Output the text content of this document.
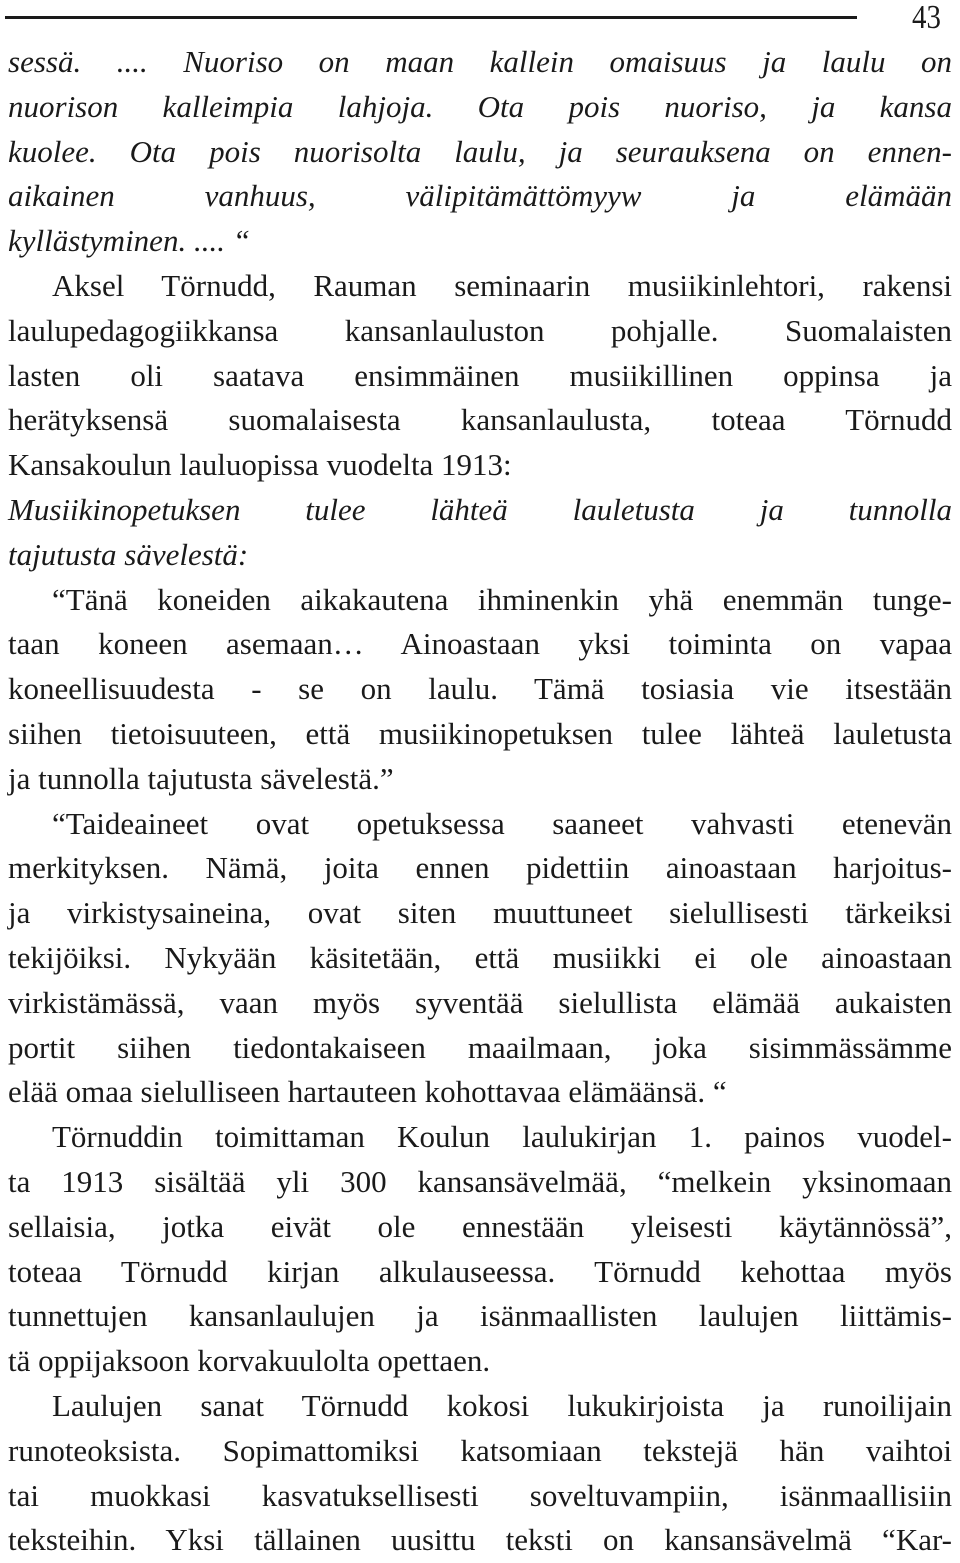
43
sessä. .... Nuoriso on maan kallein omaisuus ja laulu on
nuorison kalleimpia lahjoja. Ota pois nuoriso, ja kansa
kuolee. Ota pois nuorisolta laulu, ja seurauksena on ennen-
aikainen vanhuus, välipitämättömyyw ja elämään
kyllästyminen. .... “
Aksel Törnudd, Rauman seminaarin musiikinlehtori, rakensi
laulupedagogiikkansa kansanlauluston pohjalle. Suomalaisten
lasten oli saatava ensimmäinen musiikillinen oppinsa ja
herätyksensä suomalaisesta kansanlaulusta, toteaa Törnudd
Kansakoulun lauluopissa vuodelta 1913:
Musiikinopetuksen tulee lähteä lauletusta ja tunnolla
tajutusta sävelestä:
“Tänä koneiden aikakautena ihminenkin yhä enemmän tunge-
taan koneen asemaan… Ainoastaan yksi toiminta on vapaa
koneellisuudesta - se on laulu. Tämä tosiasia vie itsestään
siihen tietoisuuteen, että musiikinopetuksen tulee lähteä lauletusta
ja tunnolla tajutusta sävelestä.”
“Taideaineet ovat opetuksessa saaneet vahvasti etenevän
merkityksen. Nämä, joita ennen pidettiin ainoastaan harjoitus-
ja virkistysaineina, ovat siten muuttuneet sielullisesti tärkeiksi
tekijöiksi. Nykyään käsitetään, että musiikki ei ole ainoastaan
virkistämässä, vaan myös syventää sielullista elämää aukaisten
portit siihen tiedontakaiseen maailmaan, joka sisimmässämme
elää omaa sielulliseen hartauteen kohottavaa elämäänsä. “
Törnuddin toimittaman Koulun laulukirjan 1. painos vuodel-
ta 1913 sisältää yli 300 kansansävelmää, “melkein yksinomaan
sellaisia, jotka eivät ole ennestään yleisesti käytännössä”,
toteaa Törnudd kirjan alkulauseessa. Törnudd kehottaa myös
tunnettujen kansanlaulujen ja isänmaallisten laulujen liittämis-
tä oppijaksoon korvakuulolta opettaen.
Laulujen sanat Törnudd kokosi lukukirjoista ja runoilijain
runoteoksista. Sopimattomiksi katsomiaan tekstejä hän vaihtoi
tai muokkasi kasvatuksellisesti soveltuvampiin, isänmaallisiin
teksteihin. Yksi tällainen uusittu teksti on kansansävelmä “Kar-
